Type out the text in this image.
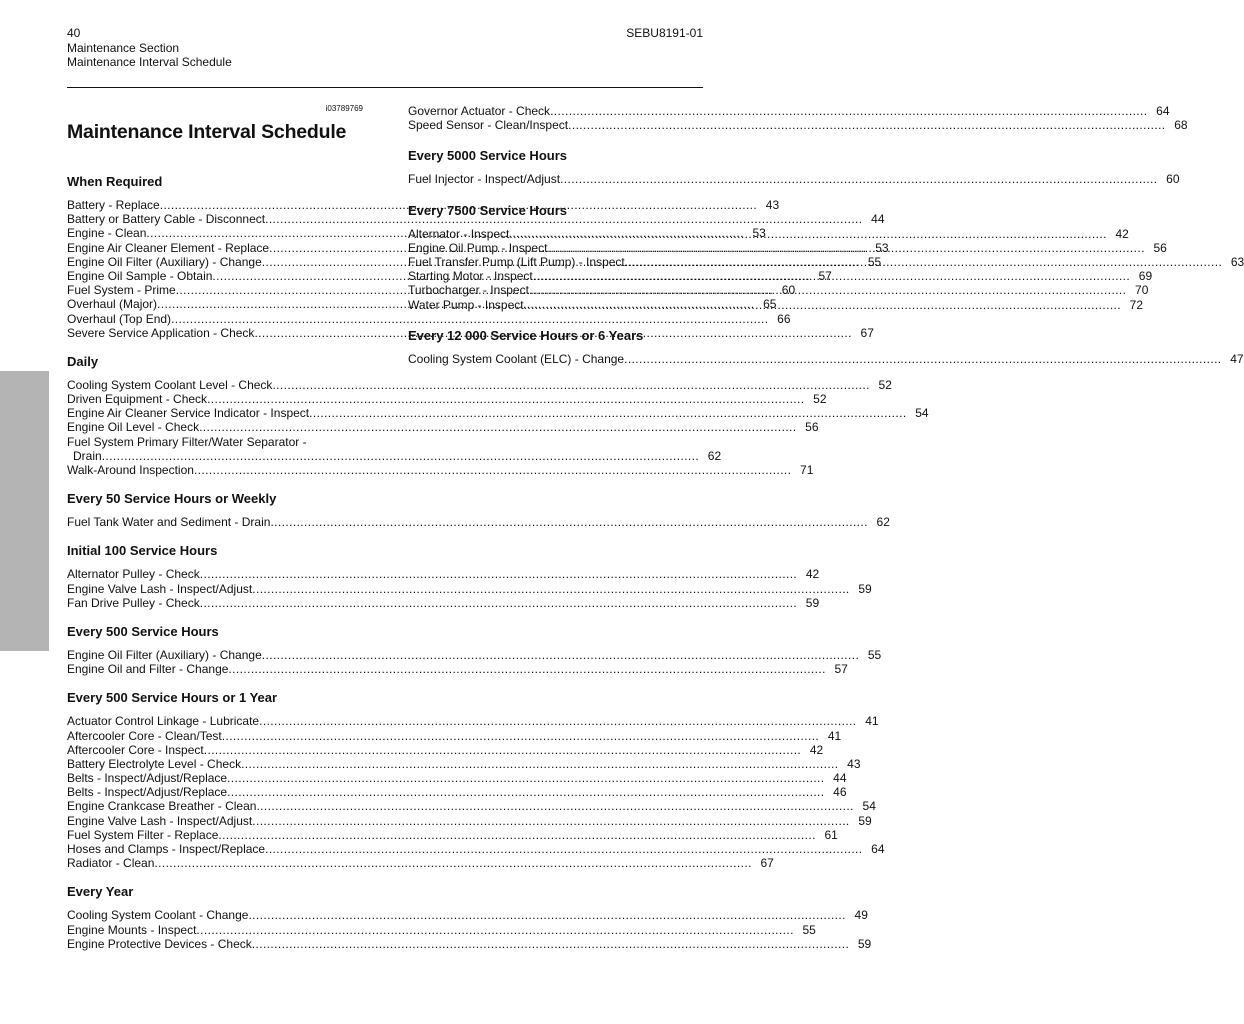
40
Maintenance Section
Maintenance Interval Schedule
SEBU8191-01
i03789769
Maintenance Interval Schedule
When Required
Battery - Replace .....	43
Battery or Battery Cable - Disconnect .....	44
Engine - Clean .....	53
Engine Air Cleaner Element - Replace .....	53
Engine Oil Filter (Auxiliary) - Change .....	55
Engine Oil Sample - Obtain .....	57
Fuel System - Prime .....	60
Overhaul (Major) .....	65
Overhaul (Top End) .....	66
Severe Service Application - Check .....	67
Daily
Cooling System Coolant Level - Check .....	52
Driven Equipment - Check .....	52
Engine Air Cleaner Service Indicator - Inspect .....	54
Engine Oil Level - Check .....	56
Fuel System Primary Filter/Water Separator -
Drain .....	62
Walk-Around Inspection .....	71
Every 50 Service Hours or Weekly
Fuel Tank Water and Sediment - Drain .....	62
Initial 100 Service Hours
Alternator Pulley - Check .....	42
Engine Valve Lash - Inspect/Adjust .....	59
Fan Drive Pulley - Check .....	59
Every 500 Service Hours
Engine Oil Filter (Auxiliary) - Change .....	55
Engine Oil and Filter - Change .....	57
Every 500 Service Hours or 1 Year
Actuator Control Linkage - Lubricate .....	41
Aftercooler Core - Clean/Test .....	41
Aftercooler Core - Inspect .....	42
Battery Electrolyte Level - Check .....	43
Belts - Inspect/Adjust/Replace .....	44
Belts - Inspect/Adjust/Replace .....	46
Engine Crankcase Breather - Clean .....	54
Engine Valve Lash - Inspect/Adjust .....	59
Fuel System Filter - Replace .....	61
Hoses and Clamps - Inspect/Replace .....	64
Radiator - Clean .....	67
Every Year
Cooling System Coolant - Change .....	49
Engine Mounts - Inspect .....	55
Engine Protective Devices - Check .....	59
Governor Actuator - Check .....	64
Speed Sensor - Clean/Inspect .....	68
Every 5000 Service Hours
Fuel Injector - Inspect/Adjust .....	60
Every 7500 Service Hours
Alternator - Inspect .....	42
Engine Oil Pump - Inspect .....	56
Fuel Transfer Pump (Lift Pump) - Inspect .....	63
Starting Motor - Inspect .....	69
Turbocharger - Inspect .....	70
Water Pump - Inspect .....	72
Every 12 000 Service Hours or 6 Years
Cooling System Coolant (ELC) - Change .....	47
